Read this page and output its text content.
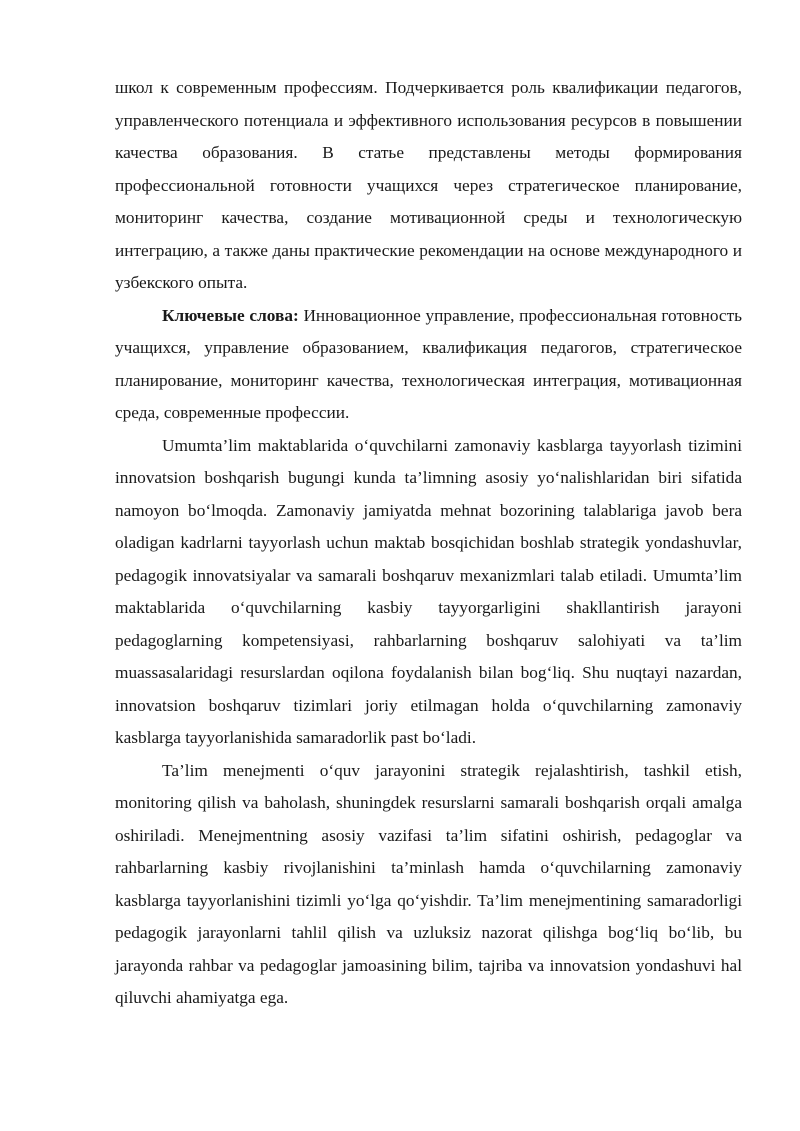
школ к современным профессиям. Подчеркивается роль квалификации педагогов, управленческого потенциала и эффективного использования ресурсов в повышении качества образования. В статье представлены методы формирования профессиональной готовности учащихся через стратегическое планирование, мониторинг качества, создание мотивационной среды и технологическую интеграцию, а также даны практические рекомендации на основе международного и узбекского опыта.

Ключевые слова: Инновационное управление, профессиональная готовность учащихся, управление образованием, квалификация педагогов, стратегическое планирование, мониторинг качества, технологическая интеграция, мотивационная среда, современные профессии.

Umumta’lim maktablarida o‘quvchilarni zamonaviy kasblarga tayyorlash tizimini innovatsion boshqarish bugungi kunda ta’limning asosiy yo‘nalishlaridan biri sifatida namoyon bo‘lmoqda. Zamonaviy jamiyatda mehnat bozorining talablariga javob bera oladigan kadrlarni tayyorlash uchun maktab bosqichidan boshlab strategik yondashuvlar, pedagogik innovatsiyalar va samarali boshqaruv mexanizmlari talab etiladi. Umumta’lim maktablarida o‘quvchilarning kasbiy tayyorgarligini shakllantirish jarayoni pedagoglarning kompetensiyasi, rahbarlarning boshqaruv salohiyati va ta’lim muassasalaridagi resurslardan oqilona foydalanish bilan bog‘liq. Shu nuqtayi nazardan, innovatsion boshqaruv tizimlari joriy etilmagan holda o‘quvchilarning zamonaviy kasblarga tayyorlanishida samaradorlik past bo‘ladi.

Ta’lim menejmenti o‘quv jarayonini strategik rejalashtirish, tashkil etish, monitoring qilish va baholash, shuningdek resurslarni samarali boshqarish orqali amalga oshiriladi. Menejmentning asosiy vazifasi ta’lim sifatini oshirish, pedagoglar va rahbarlarning kasbiy rivojlanishini ta’minlash hamda o‘quvchilarning zamonaviy kasblarga tayyorlanishini tizimli yo‘lga qo‘yishdir. Ta’lim menejmentining samaradorligi pedagogik jarayonlarni tahlil qilish va uzluksiz nazorat qilishga bog‘liq bo‘lib, bu jarayonda rahbar va pedagoglar jamoasining bilim, tajriba va innovatsion yondashuvi hal qiluvchi ahamiyatga ega.
